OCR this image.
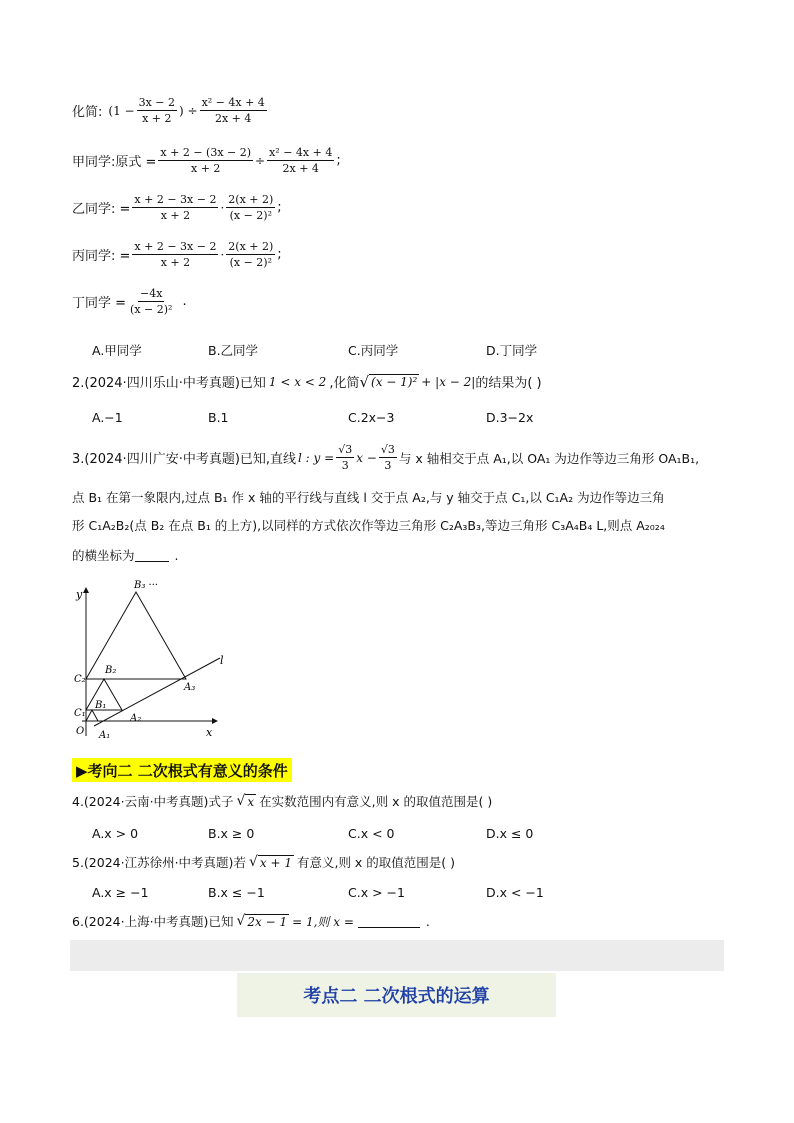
化简: ($1 - \frac{3x - 2}{x + 2}$ ) ÷ $\frac{\text{x² − 4x + 4}}{2x + 4}$
甲同学:原式 = $\frac{x + 2 - (3x - 2)}{x + 2} \div \frac{\text{x² − 4x + 4}}{2x + 4}$ ;
乙同学: = $\frac{x + 2 - 3x - 2}{x + 2} \cdot \frac{2(x + 2)}{\text{(x − 2)²}}$ ;
丙同学: = $\frac{x + 2 - 3x - 2}{x + 2} \cdot \frac{2(x + 2)}{\text{(x − 2)²}}$ ;
丁同学 = $\frac{-4x}{\text{(x − 2)²}}$ .
A.甲同学	B.乙同学	C.丙同学	D.丁同学
2.(2024·四川乐山·中考真题)已知 1 < x < 2 ,化简 √ (x − 1)² + |x − 2| 的结果为( )
A.−1	B.1	C.2x−3	D.3−2x
3.(2024·四川广安·中考真题)已知,直线 l : $y = \frac{√3}{3}$ $x - \frac{√3}{3}$ 与 x 轴相交于点 A₁,以 OA₁ 为边作等边三角形 OA₁B₁,
点 B₁ 在第一象限内,过点 B₁ 作 x 轴的平行线与直线 l 交于点 A₂,与 y 轴交于点 C₁,以 C₁A₂ 为边作等边三角
形 C₁A₂B₂(点 B₂ 在点 B₁ 的上方),以同样的方式依次作等边三角形 C₂A₃B₃,等边三角形 C₃A₄B₄ L,则点 A₂₀₂₄
的横坐标为	.
y
x
l
O A₁
A₂
A₃
B₁
B₂
B₃ ···
C₁
C₂
▶考向二 二次根式有意义的条件
4.(2024·云南·中考真题)式子 √ x 在实数范围内有意义,则 x 的取值范围是( )
A.x > 0	B.x ≥ 0	C.x < 0	D.x ≤ 0
5.(2024·江苏徐州·中考真题)若 √ x + 1 有意义,则 x 的取值范围是( )
A.x ≥ −1	B.x ≤ −1	C.x > −1	D.x < −1
6.(2024·上海·中考真题)已知 √ 2x − 1 = 1,则 x =	.
考点二 二次根式的运算
